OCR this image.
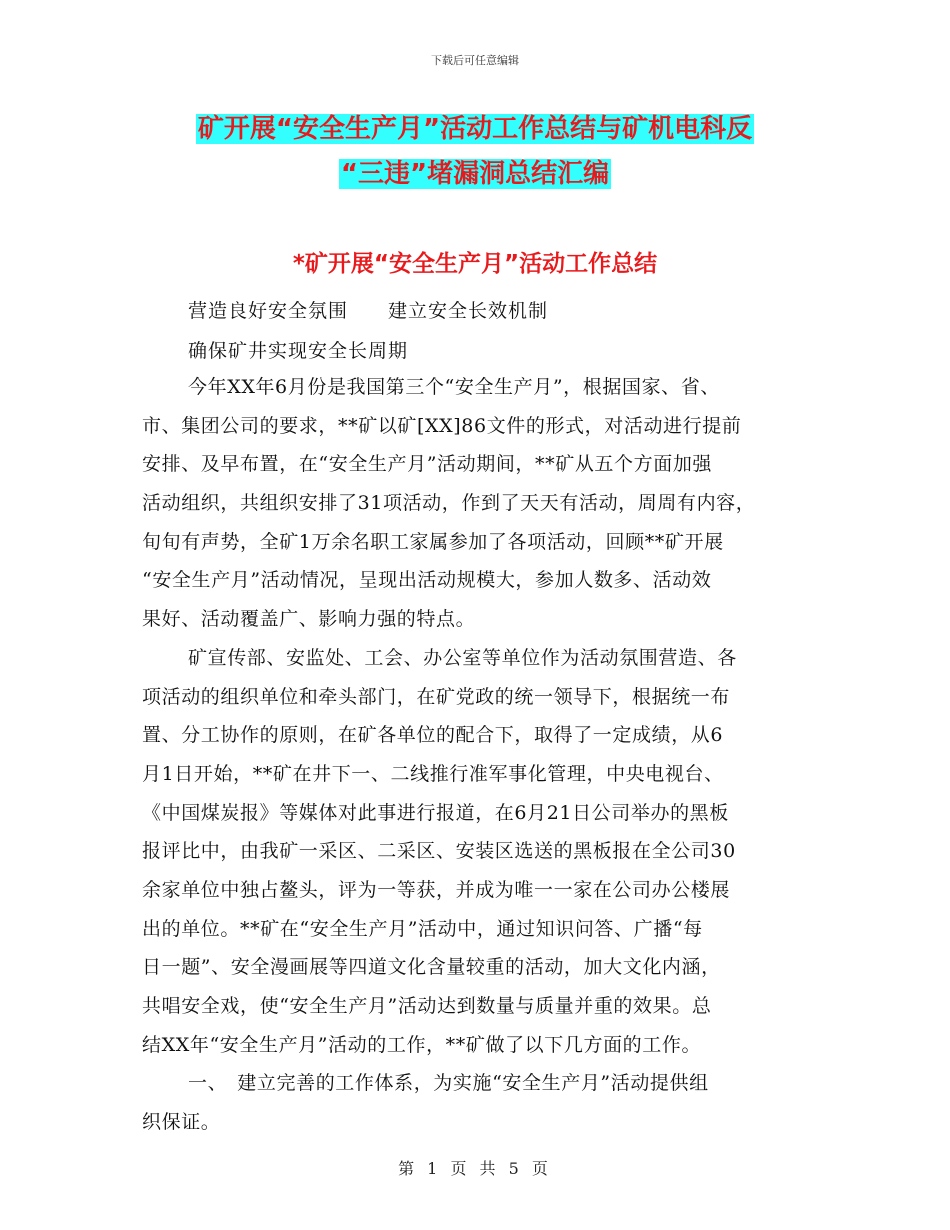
下载后可任意编辑
矿开展“安全生产月”活动工作总结与矿机电科反
“三违”堵漏洞总结汇编
*矿开展“安全生产月”活动工作总结
营造良好安全氛围 建立安全长效机制
确保矿井实现安全长周期
今年XX年6月份是我国第三个“安全生产月”，根据国家、省、
市、集团公司的要求，**矿以矿[XX]86文件的形式，对活动进行提前
安排、及早布置，在“安全生产月”活动期间，**矿从五个方面加强
活动组织，共组织安排了31项活动，作到了天天有活动，周周有内容，
旬旬有声势，全矿1万余名职工家属参加了各项活动，回顾**矿开展
“安全生产月”活动情况，呈现出活动规模大，参加人数多、活动效
果好、活动覆盖广、影响力强的特点。
矿宣传部、安监处、工会、办公室等单位作为活动氛围营造、各
项活动的组织单位和牵头部门，在矿党政的统一领导下，根据统一布
置、分工协作的原则，在矿各单位的配合下，取得了一定成绩，从6
月1日开始，**矿在井下一、二线推行准军事化管理，中央电视台、
《中国煤炭报》等媒体对此事进行报道，在6月21日公司举办的黑板
报评比中，由我矿一采区、二采区、安装区选送的黑板报在全公司30
余家单位中独占鳌头，评为一等获，并成为唯一一家在公司办公楼展
出的单位。**矿在“安全生产月”活动中，通过知识问答、广播“每
日一题”、安全漫画展等四道文化含量较重的活动，加大文化内涵，
共唱安全戏，使“安全生产月”活动达到数量与质量并重的效果。总
结XX年“安全生产月”活动的工作，**矿做了以下几方面的工作。
一、　建立完善的工作体系，为实施“安全生产月”活动提供组
织保证。
第 1 页 共 5 页
